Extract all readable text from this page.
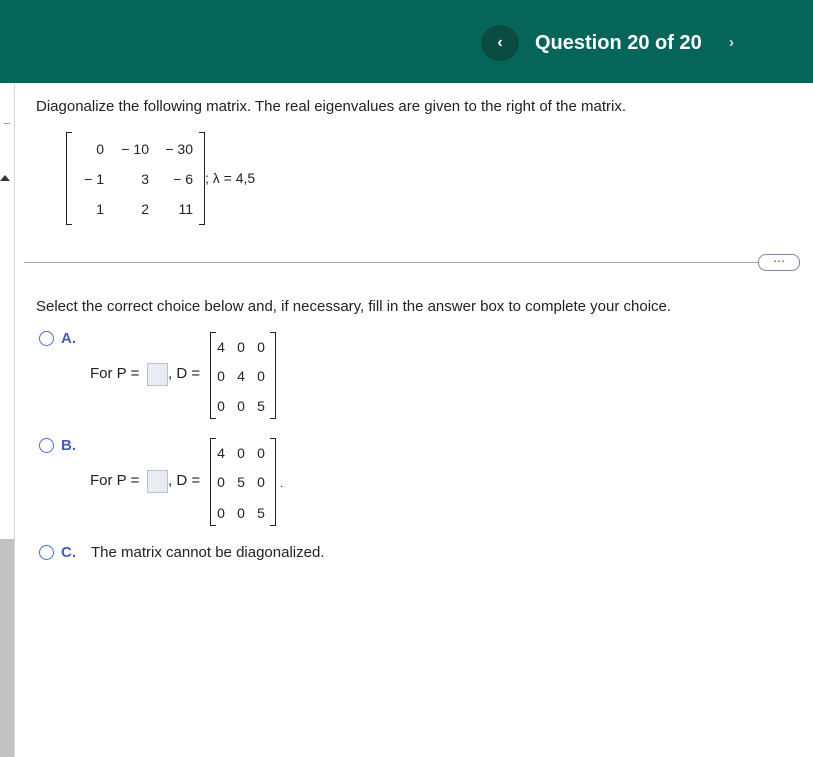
‹	Question 20 of 20 ›
Diagonalize the following matrix. The real eigenvalues are given to the right of the matrix.
0	− 10	− 30
− 1	3	− 6
1	2	11
; λ = 4,5
⋯
Select the correct choice below and, if necessary, fill in the answer box to complete your choice.
A.
For P = , D =
4 0 0
0 4 0
0 0 5
B.
For P = , D =	.
4 0 0
0 5 0
0 0 5
C. The matrix cannot be diagonalized.
